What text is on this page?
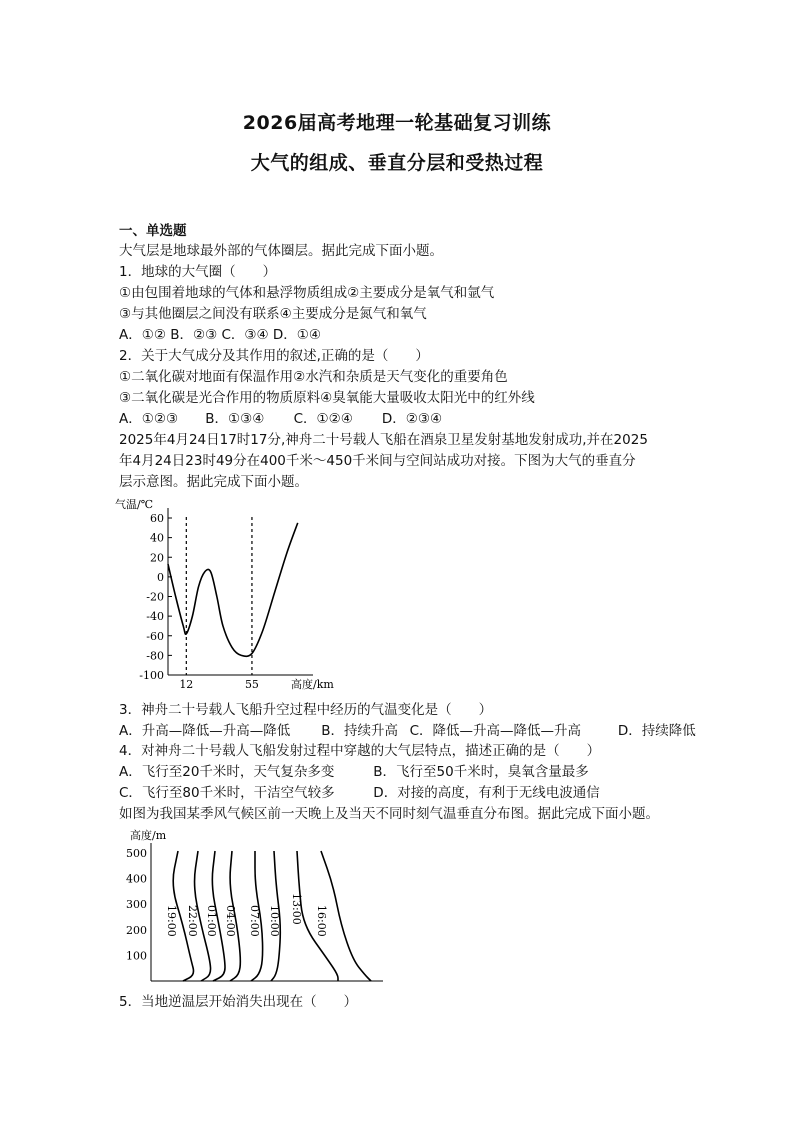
2026届高考地理一轮基础复习训练
大气的组成、垂直分层和受热过程
一、单选题
大气层是地球最外部的气体圈层。据此完成下面小题。
1．地球的大气圈（　　）
①由包围着地球的气体和悬浮物质组成②主要成分是氧气和氩气
③与其他圈层之间没有联系④主要成分是氮气和氧气
A．①② B．②③ C．③④ D．①④
2．关于大气成分及其作用的叙述,正确的是（　　）
①二氧化碳对地面有保温作用②水汽和杂质是天气变化的重要角色
③二氧化碳是光合作用的物质原料④臭氧能大量吸收太阳光中的红外线
A．①②③ B．①③④ C．①②④ D．②③④
2025年4月24日17时17分,神舟二十号载人飞船在酒泉卫星发射基地发射成功,并在2025
年4月24日23时49分在400千米～450千米间与空间站成功对接。下图为大气的垂直分
层示意图。据此完成下面小题。
气温/℃
60
40
20
0
-20
-40
-60
-80
-100
12	55	高度/km
3．神舟二十号载人飞船升空过程中经历的气温变化是（　　）
A．升高—降低—升高—降低 B．持续升高 C．降低—升高—降低—升高	D．持续降低
4．对神舟二十号载人飞船发射过程中穿越的大气层特点，描述正确的是（　　）
A．飞行至20千米时，天气复杂多变	B．飞行至50千米时，臭氧含量最多
C．飞行至80千米时，干洁空气较多	D．对接的高度，有利于无线电波通信
如图为我国某季风气候区前一天晚上及当天不同时刻气温垂直分布图。据此完成下面小题。
高度/m
500
400
300
200
100
19:00 22:00 01:00 04:00 07:00 10:00 13:00 16:00
5．当地逆温层开始消失出现在（　　）
